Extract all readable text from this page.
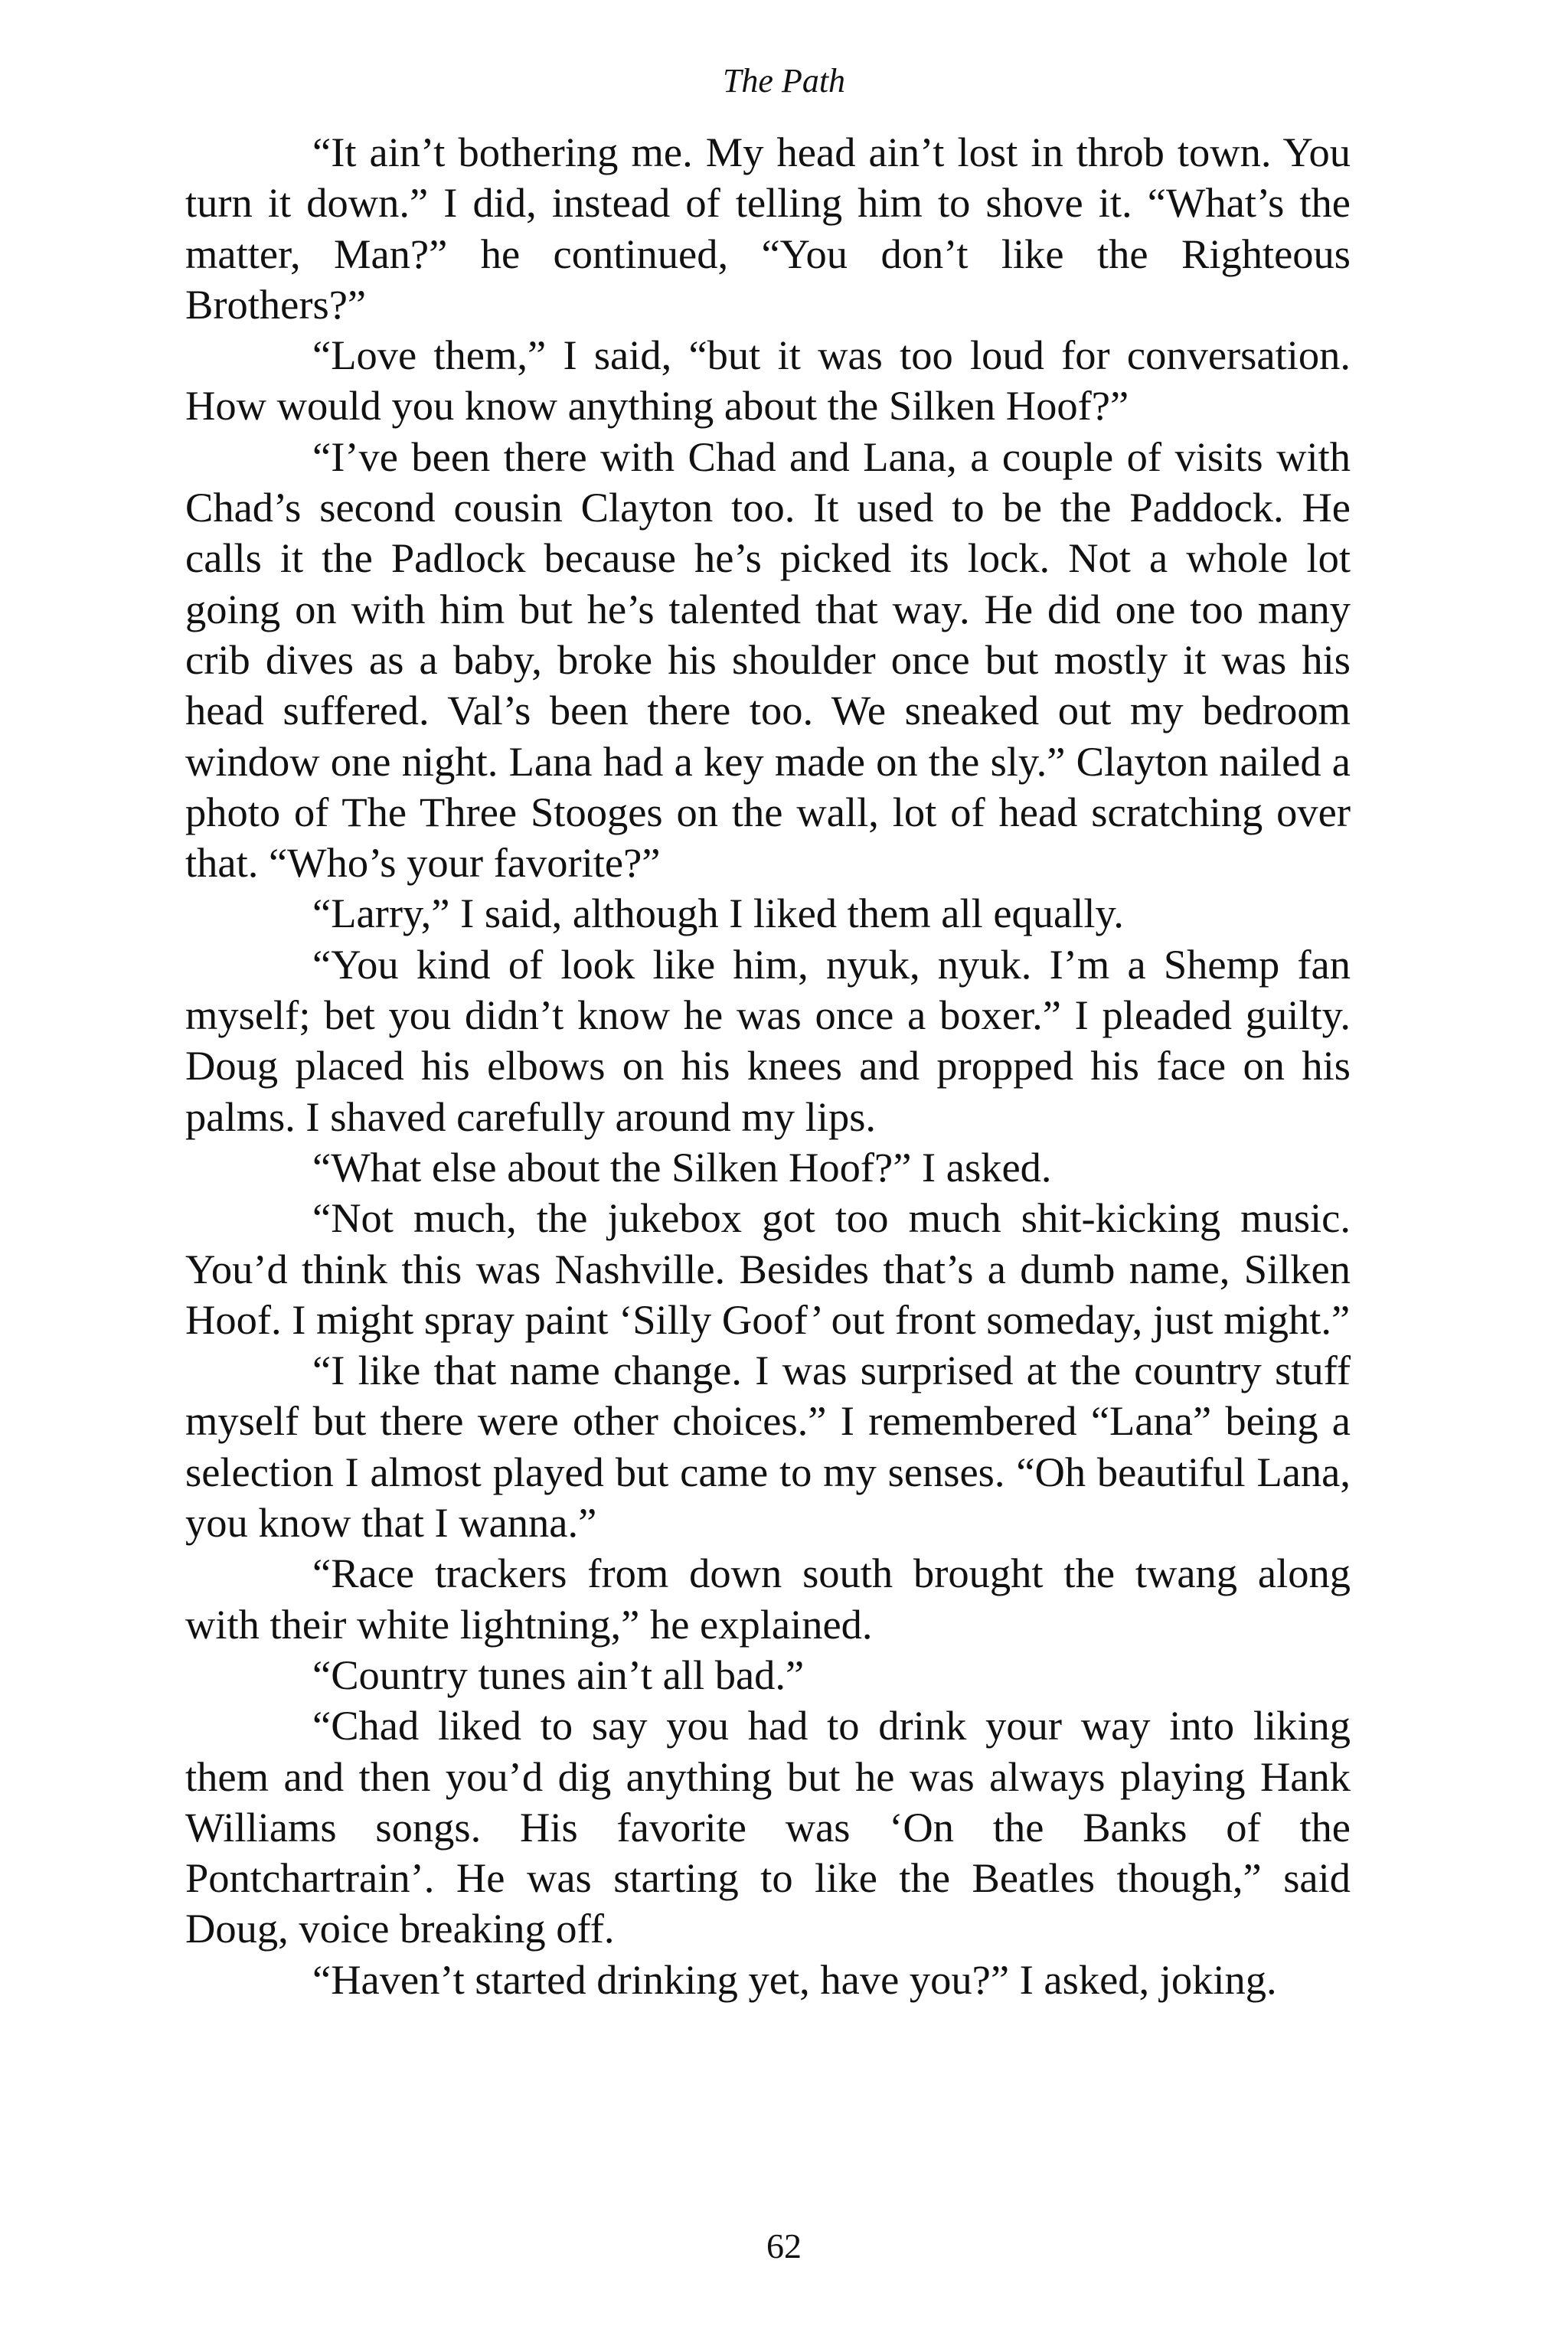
The Path

“It ain’t bothering me. My head ain’t lost in throb town. You turn it down.” I did, instead of telling him to shove it. “What’s the matter, Man?” he continued, “You don’t like the Righteous Brothers?”

“Love them,” I said, “but it was too loud for conversation. How would you know anything about the Silken Hoof?”

“I’ve been there with Chad and Lana, a couple of visits with Chad’s second cousin Clayton too. It used to be the Paddock. He calls it the Padlock because he’s picked its lock. Not a whole lot going on with him but he’s talented that way. He did one too many crib dives as a baby, broke his shoulder once but mostly it was his head suffered. Val’s been there too. We sneaked out my bedroom window one night. Lana had a key made on the sly.” Clayton nailed a photo of The Three Stooges on the wall, lot of head scratching over that. “Who’s your favorite?”

“Larry,” I said, although I liked them all equally.

“You kind of look like him, nyuk, nyuk. I’m a Shemp fan myself; bet you didn’t know he was once a boxer.” I pleaded guilty. Doug placed his elbows on his knees and propped his face on his palms. I shaved carefully around my lips.

“What else about the Silken Hoof?” I asked.

“Not much, the jukebox got too much shit-kicking music. You’d think this was Nashville. Besides that’s a dumb name, Silken Hoof. I might spray paint ‘Silly Goof’ out front someday, just might.”

“I like that name change. I was surprised at the country stuff myself but there were other choices.” I remembered “Lana” being a selection I almost played but came to my senses. “Oh beautiful Lana, you know that I wanna.”

“Race trackers from down south brought the twang along with their white lightning,” he explained.

“Country tunes ain’t all bad.”

“Chad liked to say you had to drink your way into liking them and then you’d dig anything but he was always playing Hank Williams songs. His favorite was ‘On the Banks of the Pontchartrain’. He was starting to like the Beatles though,” said Doug, voice breaking off.

“Haven’t started drinking yet, have you?” I asked, joking.

62
